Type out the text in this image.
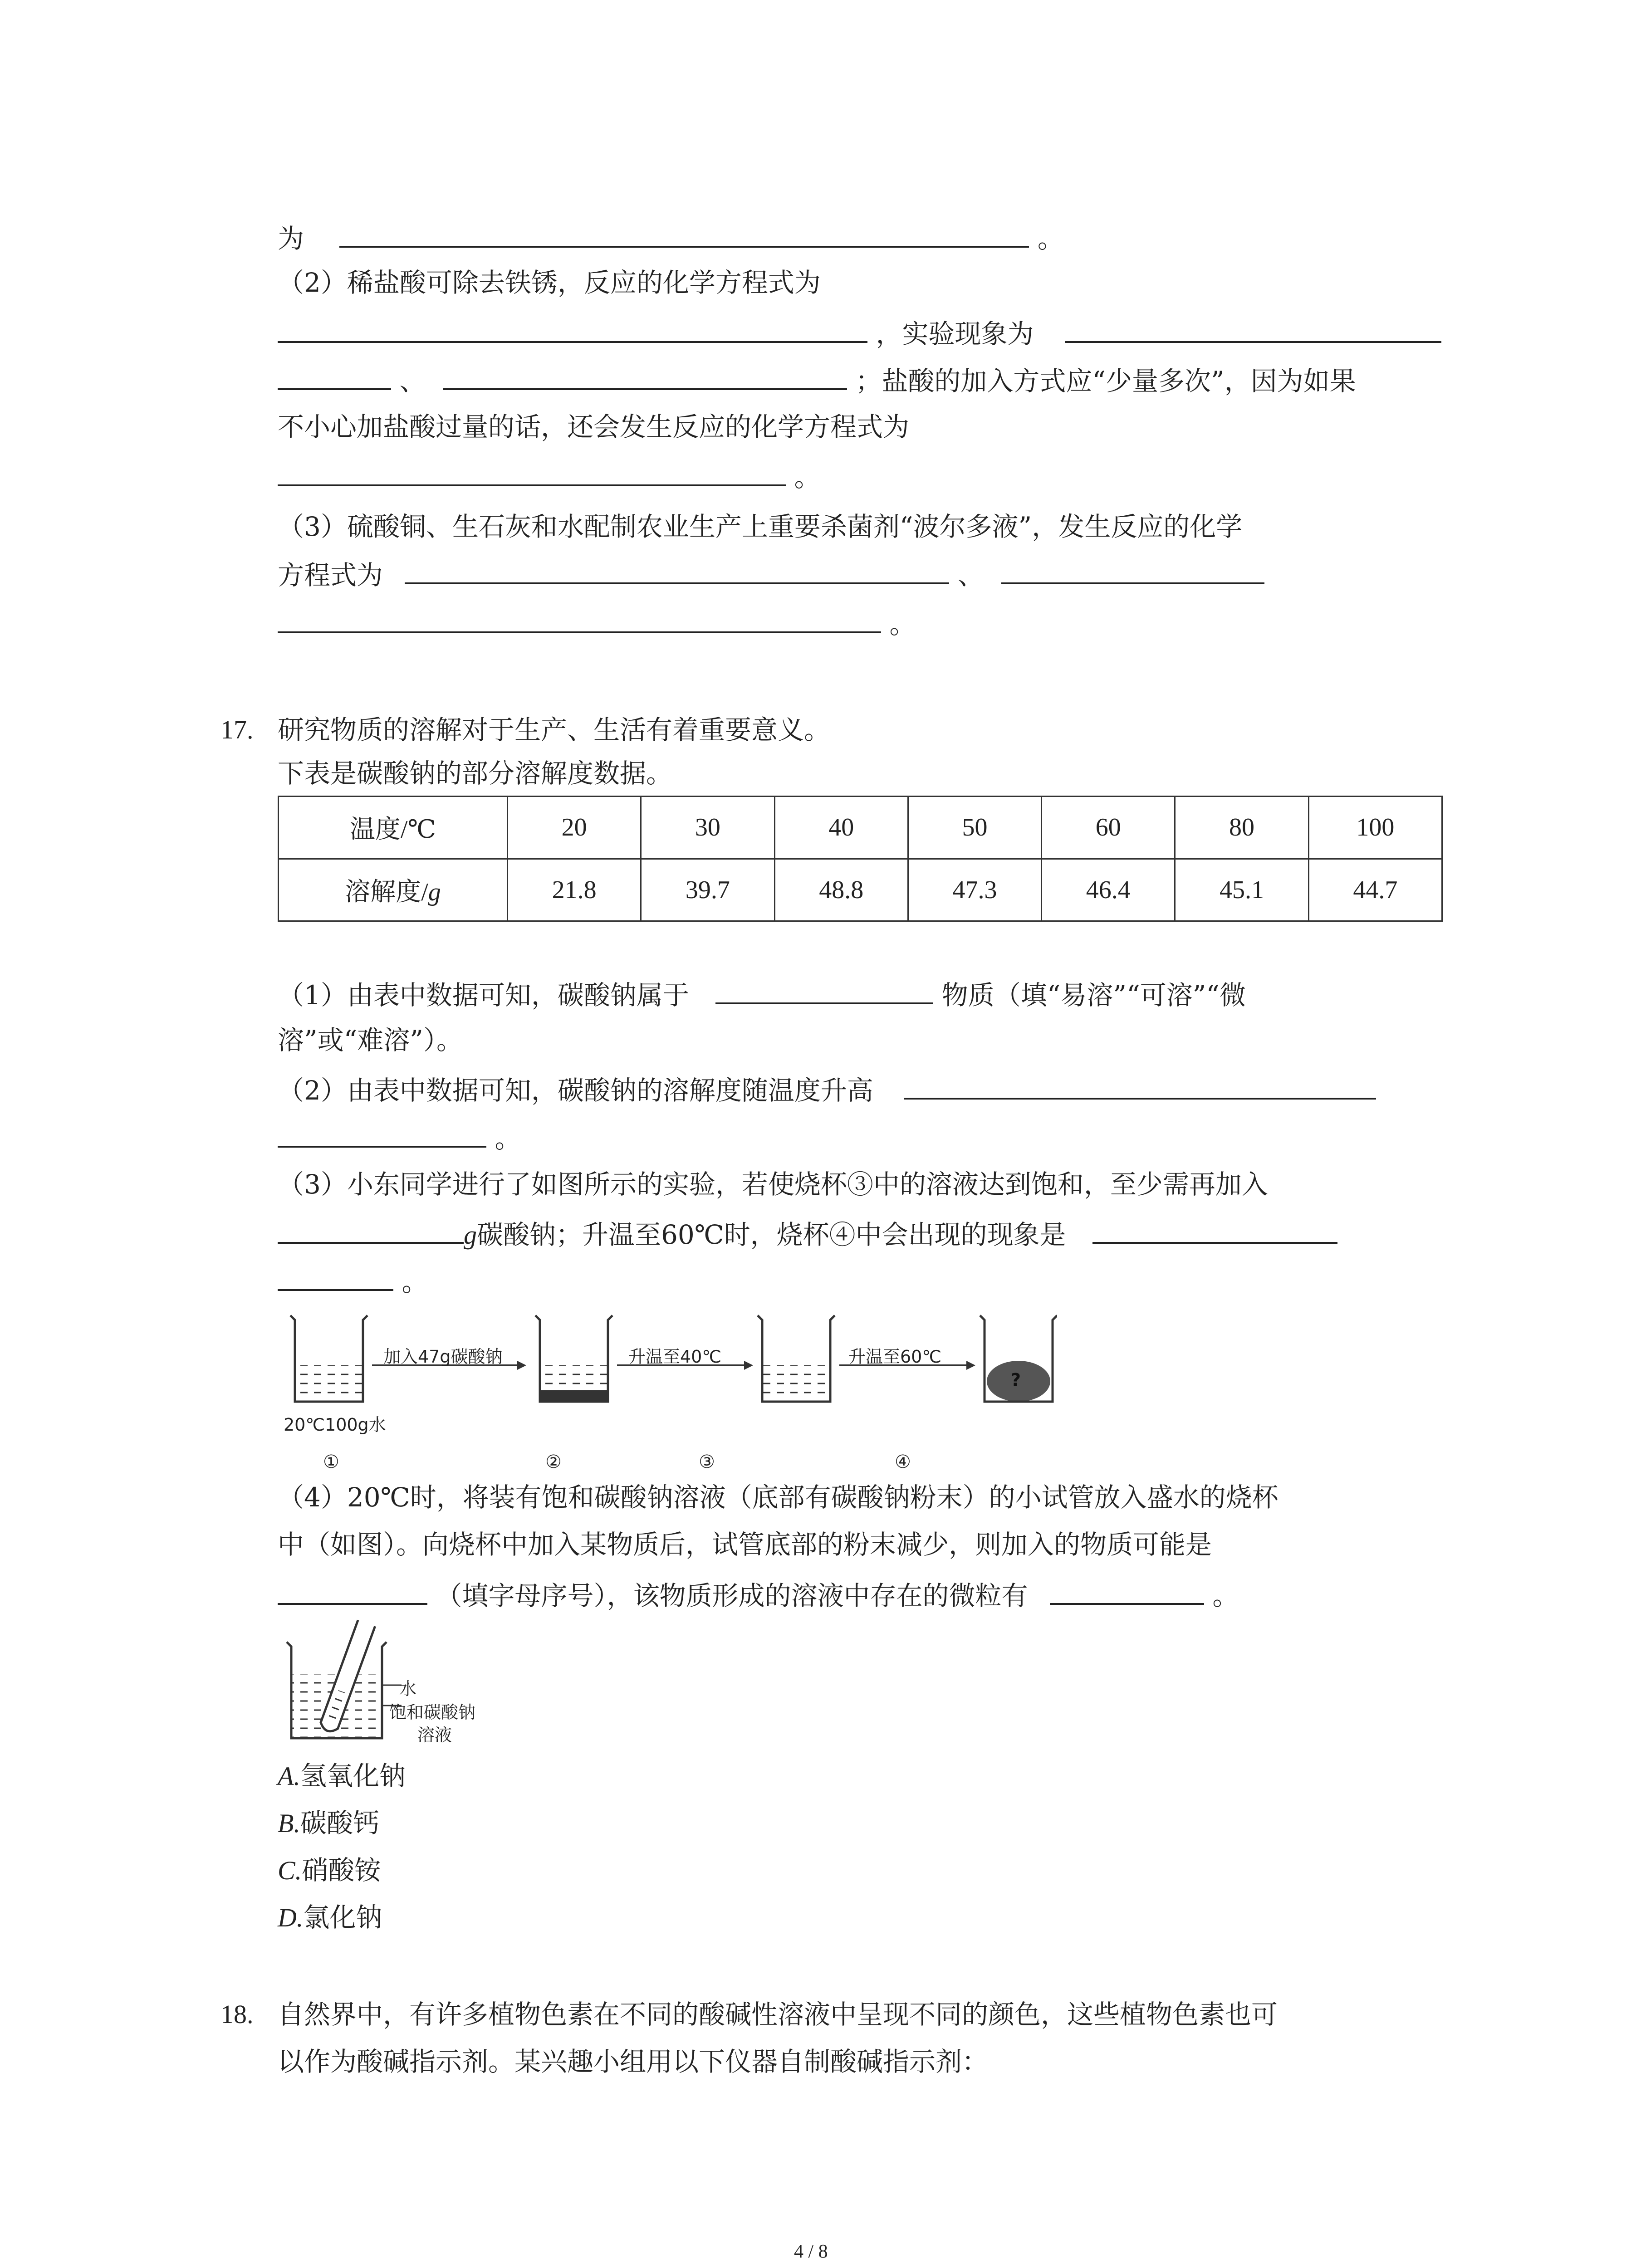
为	。
（2）稀盐酸可除去铁锈，反应的化学方程式为
，实验现象为
、	；盐酸的加入方式应“少量多次”，因为如果
不小心加盐酸过量的话，还会发生反应的化学方程式为
。
（3）硫酸铜、生石灰和水配制农业生产上重要杀菌剂“波尔多液”，发生反应的化学
方程式为	、
。
17. 研究物质的溶解对于生产、生活有着重要意义。
下表是碳酸钠的部分溶解度数据。
温度/℃	20	30	40	50	60	80	100
溶解度/g	21.8	39.7	48.8	47.3	46.4	45.1	44.7
（1）由表中数据可知，碳酸钠属于	物质（填“易溶”“可溶”“微
溶”或“难溶”）。
（2）由表中数据可知，碳酸钠的溶解度随温度升高
。
（3）小东同学进行了如图所示的实验，若使烧杯③中的溶液达到饱和，至少需再加入
g碳酸钠；升温至60℃时，烧杯④中会出现的现象是
。
加入47g碳酸钠	升温至40℃	升温至60℃
20℃100g水
?
①	②	③	④
（4）20℃时，将装有饱和碳酸钠溶液（底部有碳酸钠粉末）的小试管放入盛水的烧杯
中（如图）。向烧杯中加入某物质后，试管底部的粉末减少，则加入的物质可能是
（填字母序号），该物质形成的溶液中存在的微粒有	。
水
饱和碳酸钠
溶液
A.氢氧化钠
B.碳酸钙
C.硝酸铵
D.氯化钠
18. 自然界中，有许多植物色素在不同的酸碱性溶液中呈现不同的颜色，这些植物色素也可
以作为酸碱指示剂。某兴趣小组用以下仪器自制酸碱指示剂：
4 / 8
